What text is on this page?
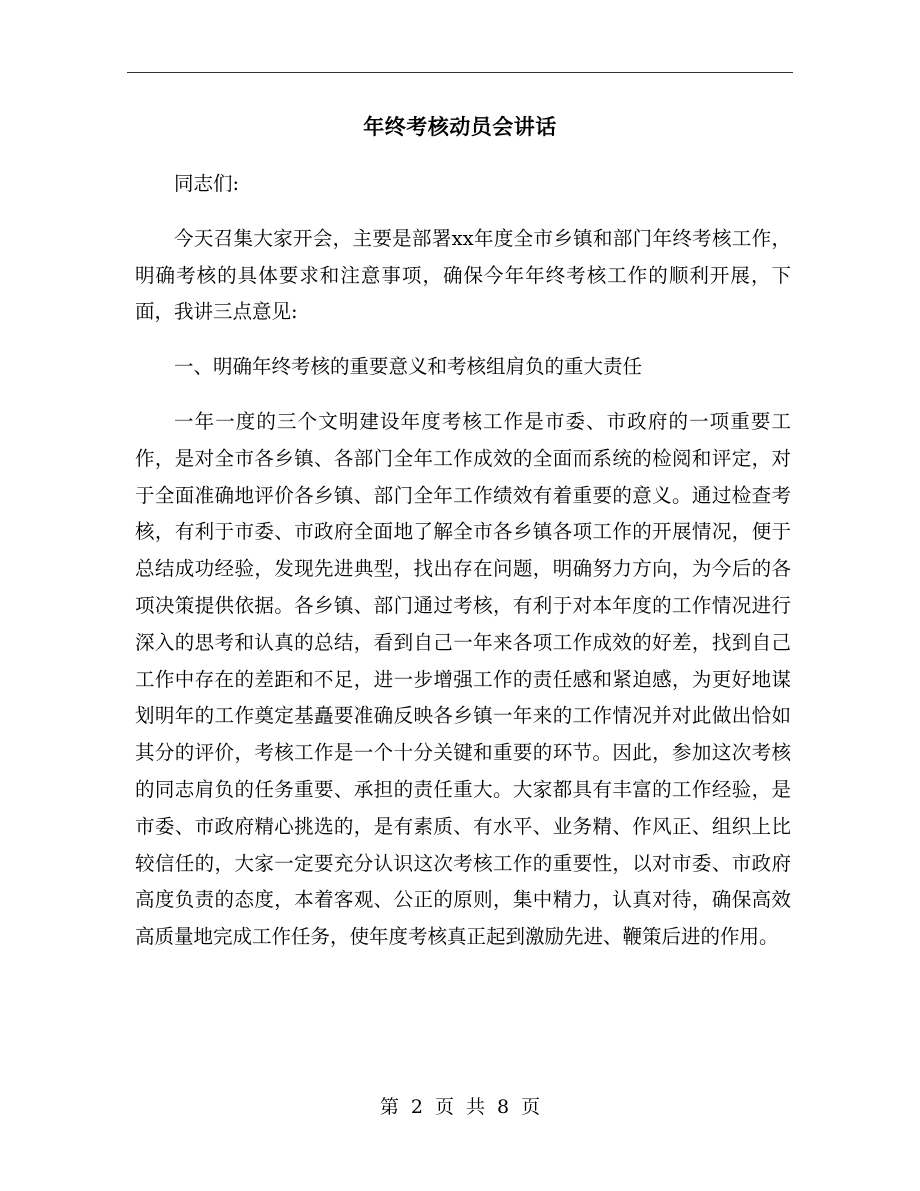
年终考核动员会讲话

同志们:

今天召集大家开会，主要是部署xx年度全市乡镇和部门年终考核工作，明确考核的具体要求和注意事项，确保今年年终考核工作的顺利开展，下面，我讲三点意见:

一、明确年终考核的重要意义和考核组肩负的重大责任

一年一度的三个文明建设年度考核工作是市委、市政府的一项重要工作，是对全市各乡镇、各部门全年工作成效的全面而系统的检阅和评定，对于全面准确地评价各乡镇、部门全年工作绩效有着重要的意义。通过检查考核，有利于市委、市政府全面地了解全市各乡镇各项工作的开展情况，便于总结成功经验，发现先进典型，找出存在问题，明确努力方向，为今后的各项决策提供依据。各乡镇、部门通过考核，有利于对本年度的工作情况进行深入的思考和认真的总结，看到自己一年来各项工作成效的好差，找到自己工作中存在的差距和不足，进一步增强工作的责任感和紧迫感，为更好地谋划明年的工作奠定基矗要准确反映各乡镇一年来的工作情况并对此做出恰如其分的评价，考核工作是一个十分关键和重要的环节。因此，参加这次考核的同志肩负的任务重要、承担的责任重大。大家都具有丰富的工作经验，是市委、市政府精心挑选的，是有素质、有水平、业务精、作风正、组织上比较信任的，大家一定要充分认识这次考核工作的重要性，以对市委、市政府高度负责的态度，本着客观、公正的原则，集中精力，认真对待，确保高效高质量地完成工作任务，使年度考核真正起到激励先进、鞭策后进的作用。

第 2 页 共 8 页
